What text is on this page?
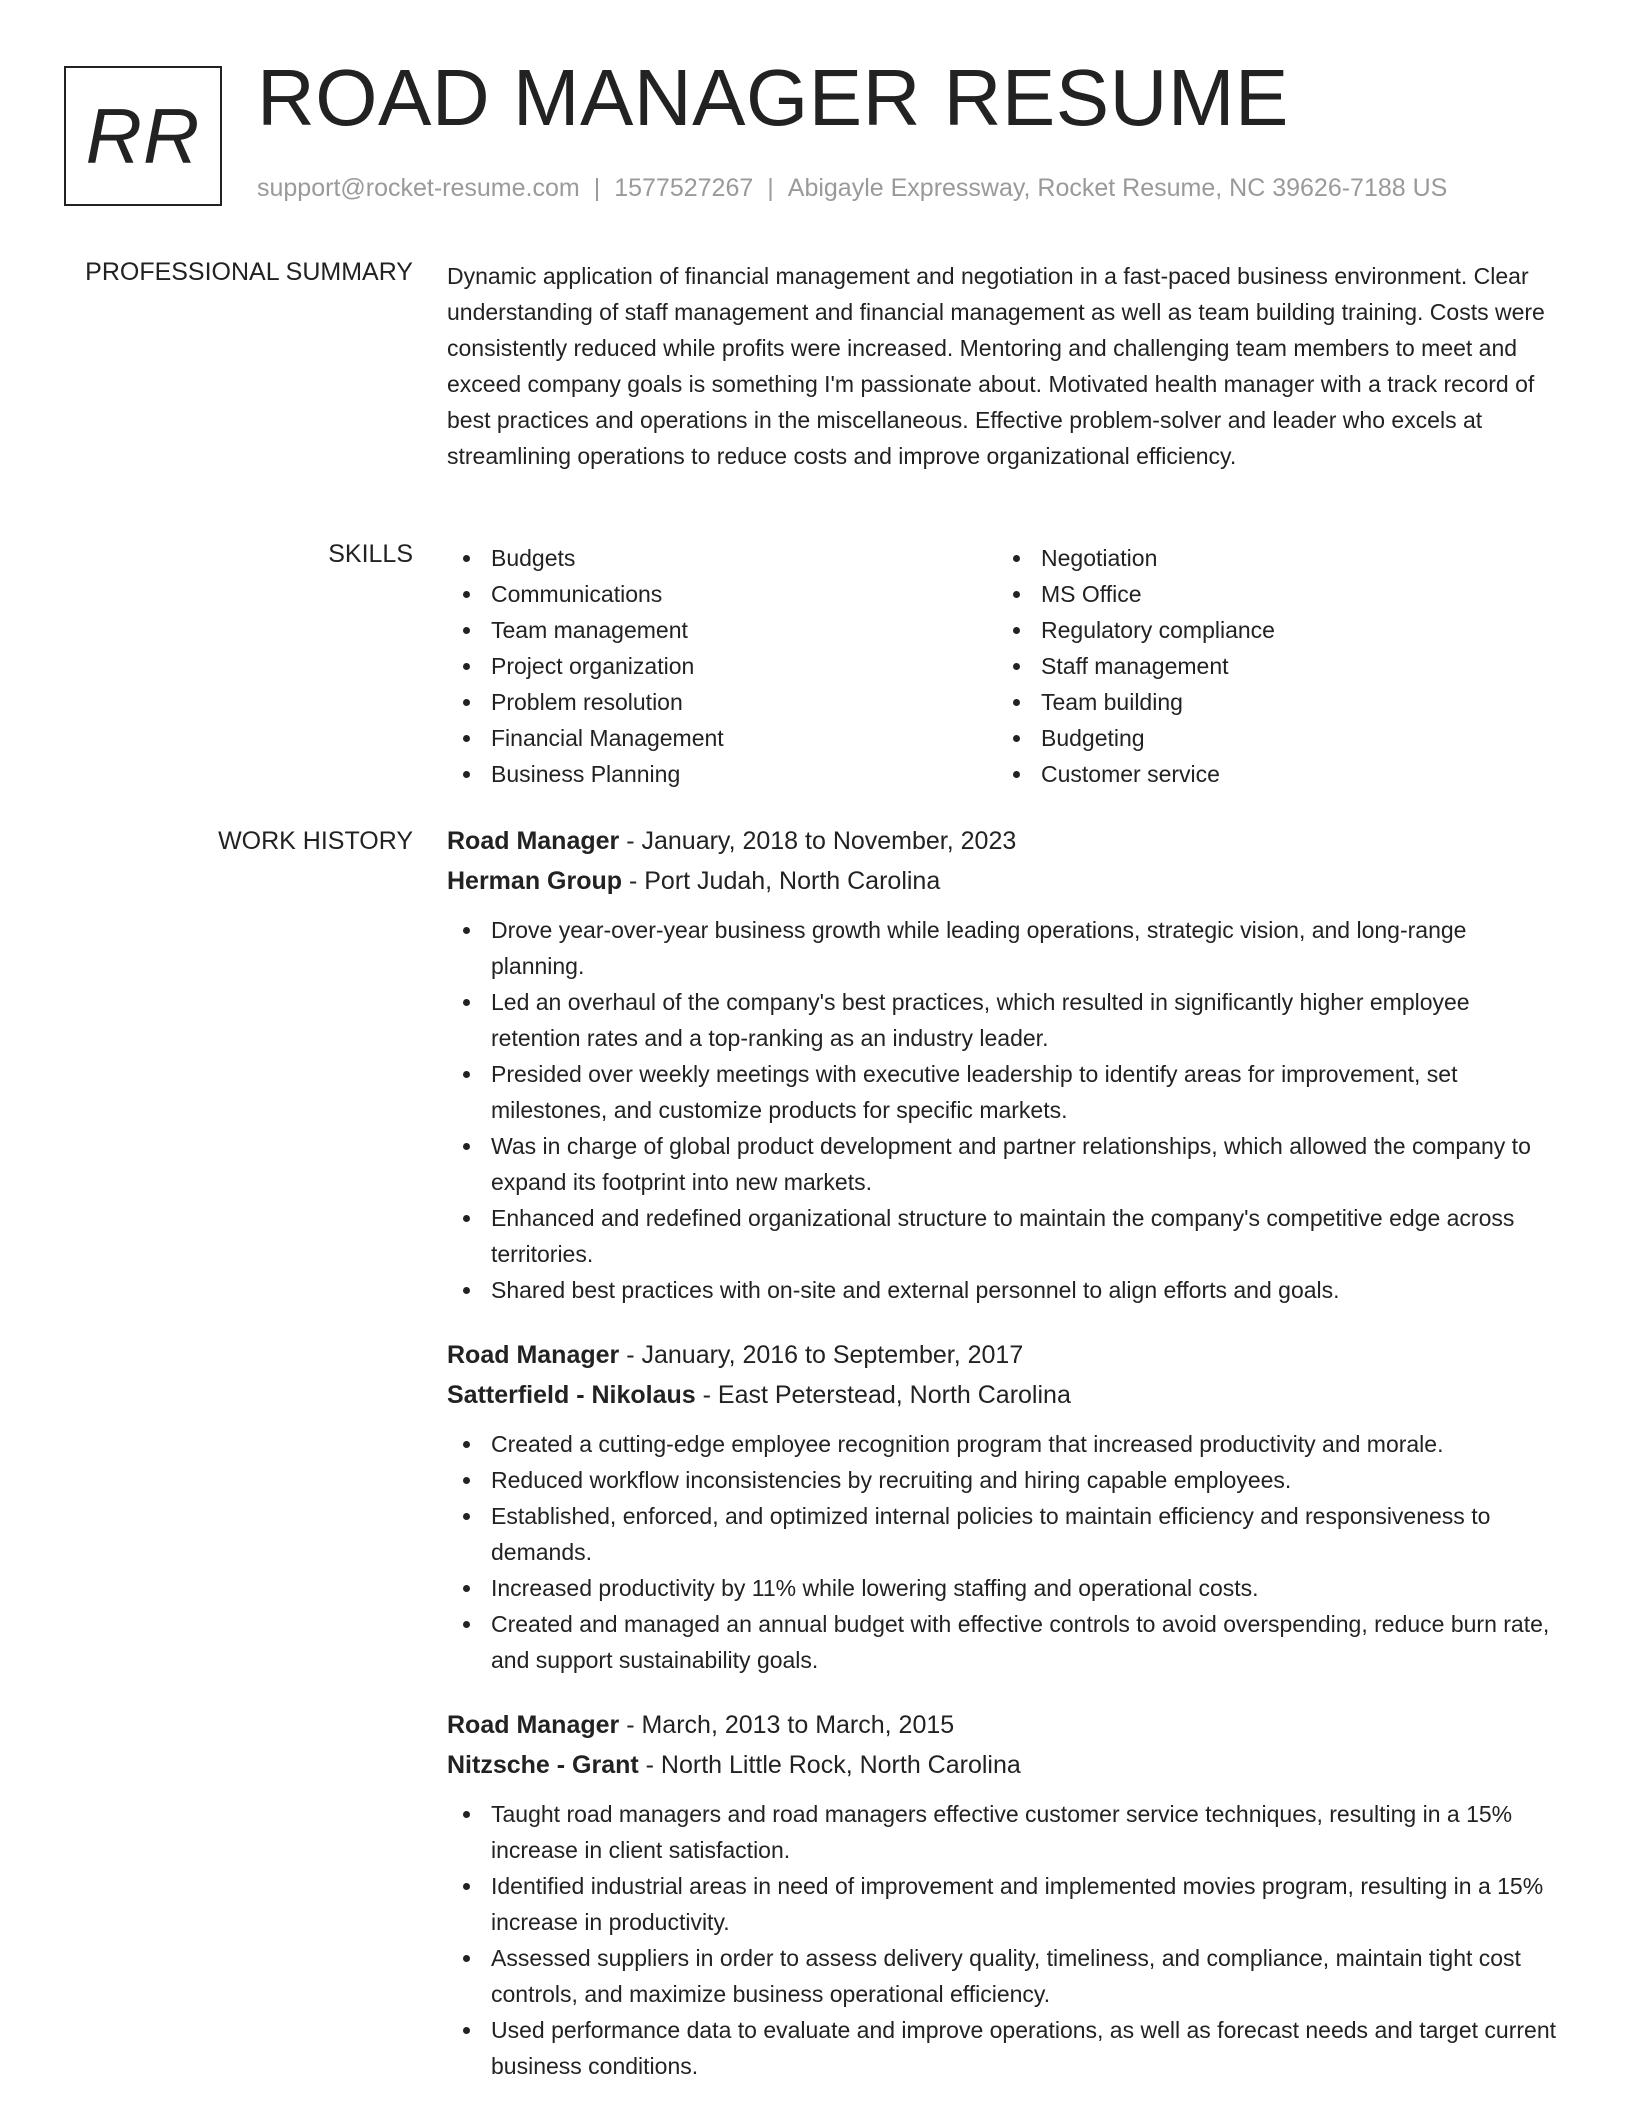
RR ROAD MANAGER RESUME
support@rocket-resume.com | 1577527267 | Abigayle Expressway, Rocket Resume, NC 39626-7188 US
PROFESSIONAL SUMMARY Dynamic application of financial management and negotiation in a fast-paced business environment. Clear understanding of staff management and financial management as well as team building training. Costs were consistently reduced while profits were increased. Mentoring and challenging team members to meet and exceed company goals is something I'm passionate about. Motivated health manager with a track record of best practices and operations in the miscellaneous. Effective problem-solver and leader who excels at streamlining operations to reduce costs and improve organizational efficiency.

SKILLS	Budgets
Communications
Team management
Project organization
Problem resolution
Financial Management
Business Planning
Negotiation
MS Office
Regulatory compliance
Staff management
Team building
Budgeting
Customer service
WORK HISTORY Road Manager - January, 2018 to November, 2023
Herman Group - Port Judah, North Carolina
Drove year-over-year business growth while leading operations, strategic vision, and long-range planning.
Led an overhaul of the company's best practices, which resulted in significantly higher employee retention rates and a top-ranking as an industry leader.
Presided over weekly meetings with executive leadership to identify areas for improvement, set milestones, and customize products for specific markets.
Was in charge of global product development and partner relationships, which allowed the company to expand its footprint into new markets.
Enhanced and redefined organizational structure to maintain the company's competitive edge across territories.
Shared best practices with on-site and external personnel to align efforts and goals.
Road Manager - January, 2016 to September, 2017
Satterfield - Nikolaus - East Peterstead, North Carolina
Created a cutting-edge employee recognition program that increased productivity and morale.
Reduced workflow inconsistencies by recruiting and hiring capable employees.
Established, enforced, and optimized internal policies to maintain efficiency and responsiveness to demands.
Increased productivity by 11% while lowering staffing and operational costs.
Created and managed an annual budget with effective controls to avoid overspending, reduce burn rate, and support sustainability goals.
Road Manager - March, 2013 to March, 2015
Nitzsche - Grant - North Little Rock, North Carolina
Taught road managers and road managers effective customer service techniques, resulting in a 15% increase in client satisfaction.
Identified industrial areas in need of improvement and implemented movies program, resulting in a 15% increase in productivity.
Assessed suppliers in order to assess delivery quality, timeliness, and compliance, maintain tight cost controls, and maximize business operational efficiency.
Used performance data to evaluate and improve operations, as well as forecast needs and target current business conditions.
